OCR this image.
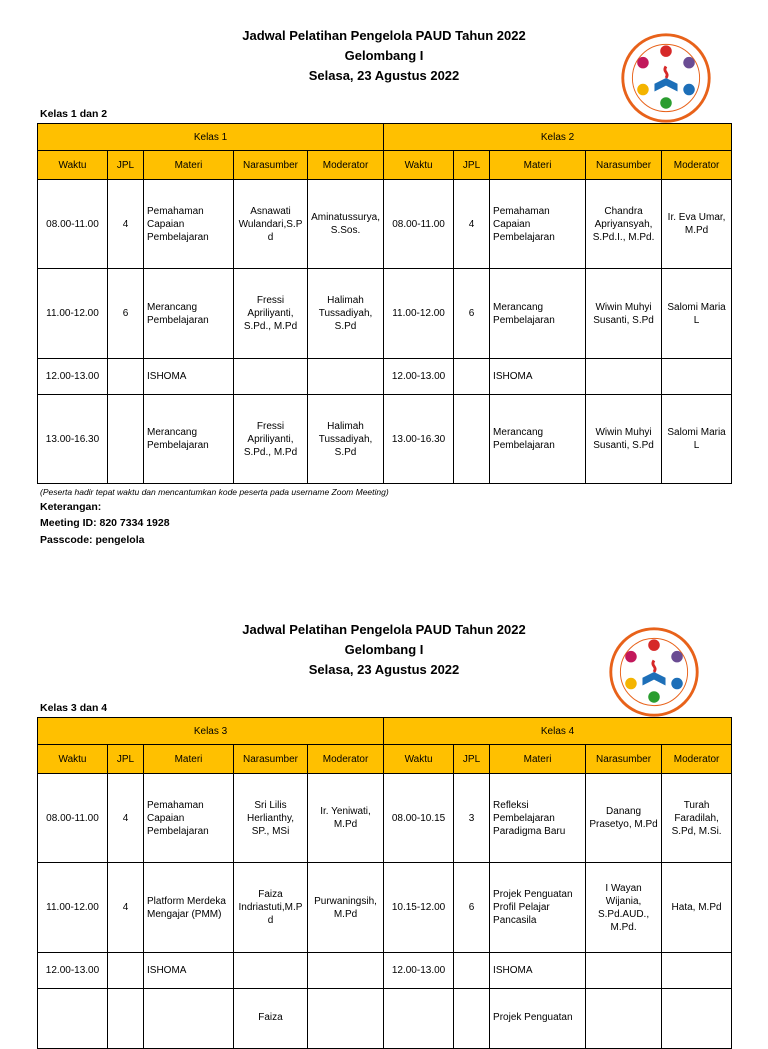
Jadwal Pelatihan Pengelola PAUD Tahun 2022
Gelombang I
Selasa, 23 Agustus 2022
Kelas 1 dan 2
Kelas 1					Kelas 2				
Waktu	JPL	Materi	Narasumber	Moderator	Waktu	JPL	Materi	Narasumber	Moderator
08.00-11.00	4	Pemahaman Capaian Pembelajaran	Asnawati Wulandari,S.Pd	Aminatussurya, S.Sos.	08.00-11.00	4	Pemahaman Capaian Pembelajaran	Chandra Apriyansyah, S.Pd.I., M.Pd.	Ir. Eva Umar, M.Pd
11.00-12.00	6	Merancang Pembelajaran	Fressi Apriliyanti, S.Pd., M.Pd	Halimah Tussadiyah, S.Pd	11.00-12.00	6	Merancang Pembelajaran	Wiwin Muhyi Susanti, S.Pd	Salomi Maria L
12.00-13.00		ISHOMA			12.00-13.00		ISHOMA		
13.00-16.30		Merancang Pembelajaran	Fressi Apriliyanti, S.Pd., M.Pd	Halimah Tussadiyah, S.Pd	13.00-16.30		Merancang Pembelajaran	Wiwin Muhyi Susanti, S.Pd	Salomi Maria L
(Peserta hadir tepat waktu dan mencantumkan kode peserta pada username Zoom Meeting)
Keterangan:
Meeting ID: 820 7334 1928
Passcode: pengelola
Jadwal Pelatihan Pengelola PAUD Tahun 2022
Gelombang I
Selasa, 23 Agustus 2022
Kelas 3 dan 4
Kelas 3					Kelas 4				
Waktu	JPL	Materi	Narasumber	Moderator	Waktu	JPL	Materi	Narasumber	Moderator
08.00-11.00	4	Pemahaman Capaian Pembelajaran	Sri Lilis Herlianthy, SP., MSi	Ir. Yeniwati, M.Pd	08.00-10.15	3	Refleksi Pembelajaran Paradigma Baru	Danang Prasetyo, M.Pd	Turah Faradilah, S.Pd, M.Si.
11.00-12.00	4	Platform Merdeka Mengajar (PMM)	Faiza Indriastuti,M.Pd	Purwaningsih, M.Pd	10.15-12.00	6	Projek Penguatan Profil Pelajar Pancasila	I Wayan Wijania, S.Pd.AUD., M.Pd.	Hata, M.Pd
12.00-13.00		ISHOMA			12.00-13.00		ISHOMA		
			Faiza				Projek Penguatan		
